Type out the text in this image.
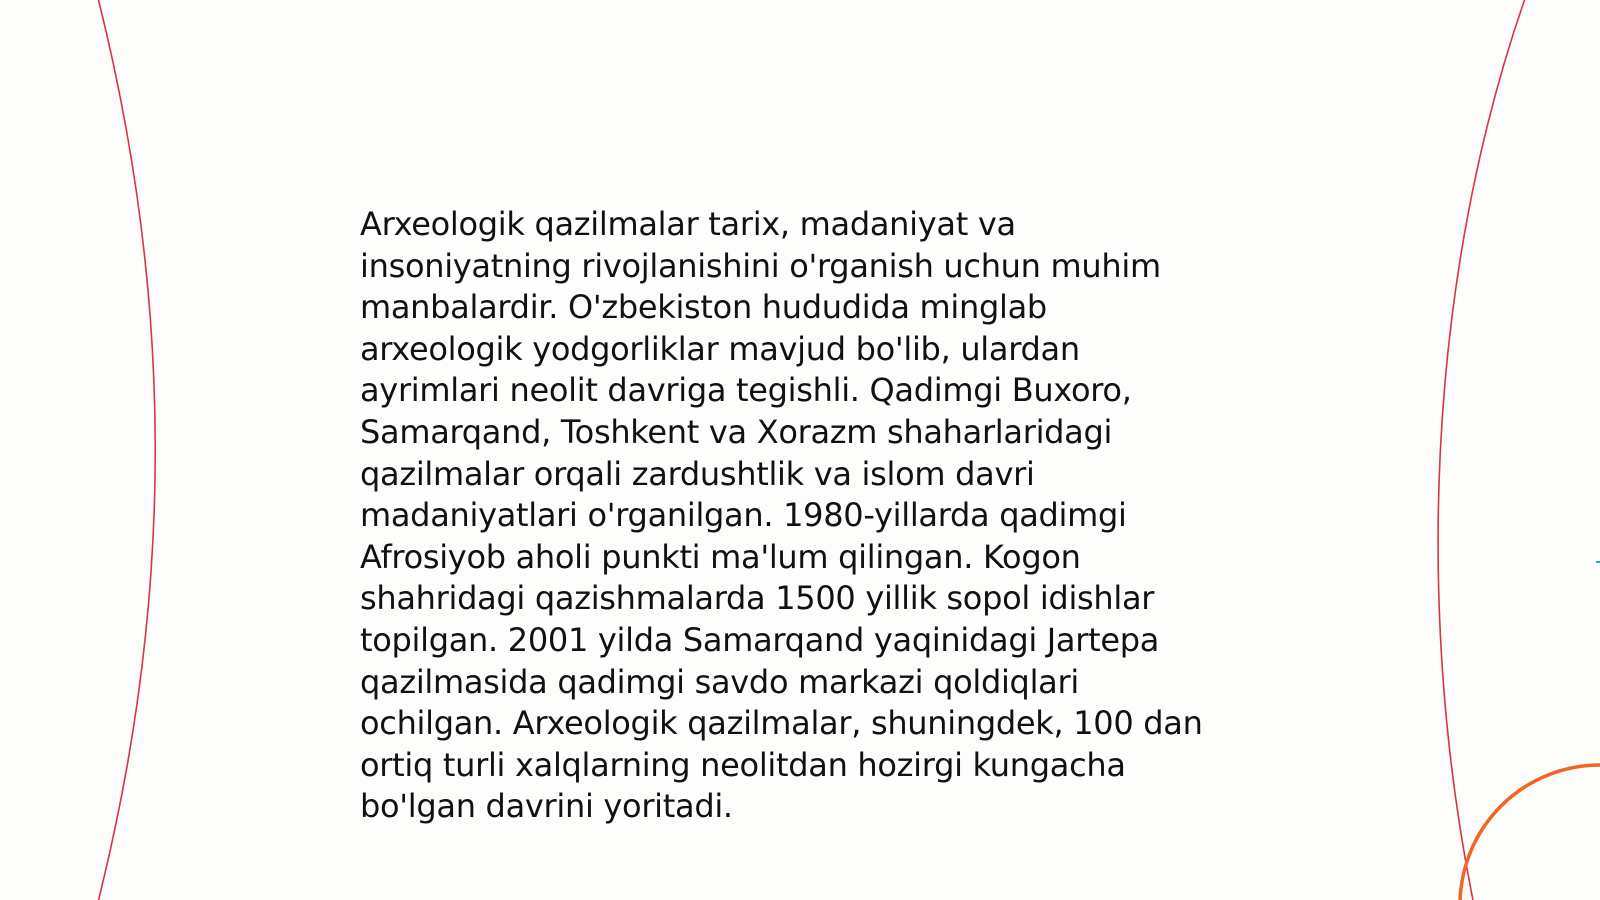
Arxeologik qazilmalar tarix, madaniyat va
insoniyatning rivojlanishini o'rganish uchun muhim
manbalardir. O'zbekiston hududida minglab
arxeologik yodgorliklar mavjud bo'lib, ulardan
ayrimlari neolit davriga tegishli. Qadimgi Buxoro,
Samarqand, Toshkent va Xorazm shaharlaridagi
qazilmalar orqali zardushtlik va islom davri
madaniyatlari o'rganilgan. 1980-yillarda qadimgi
Afrosiyob aholi punkti ma'lum qilingan. Kogon
shahridagi qazishmalarda 1500 yillik sopol idishlar
topilgan. 2001 yilda Samarqand yaqinidagi Jartepa
qazilmasida qadimgi savdo markazi qoldiqlari
ochilgan. Arxeologik qazilmalar, shuningdek, 100 dan
ortiq turli xalqlarning neolitdan hozirgi kungacha
bo'lgan davrini yoritadi.
